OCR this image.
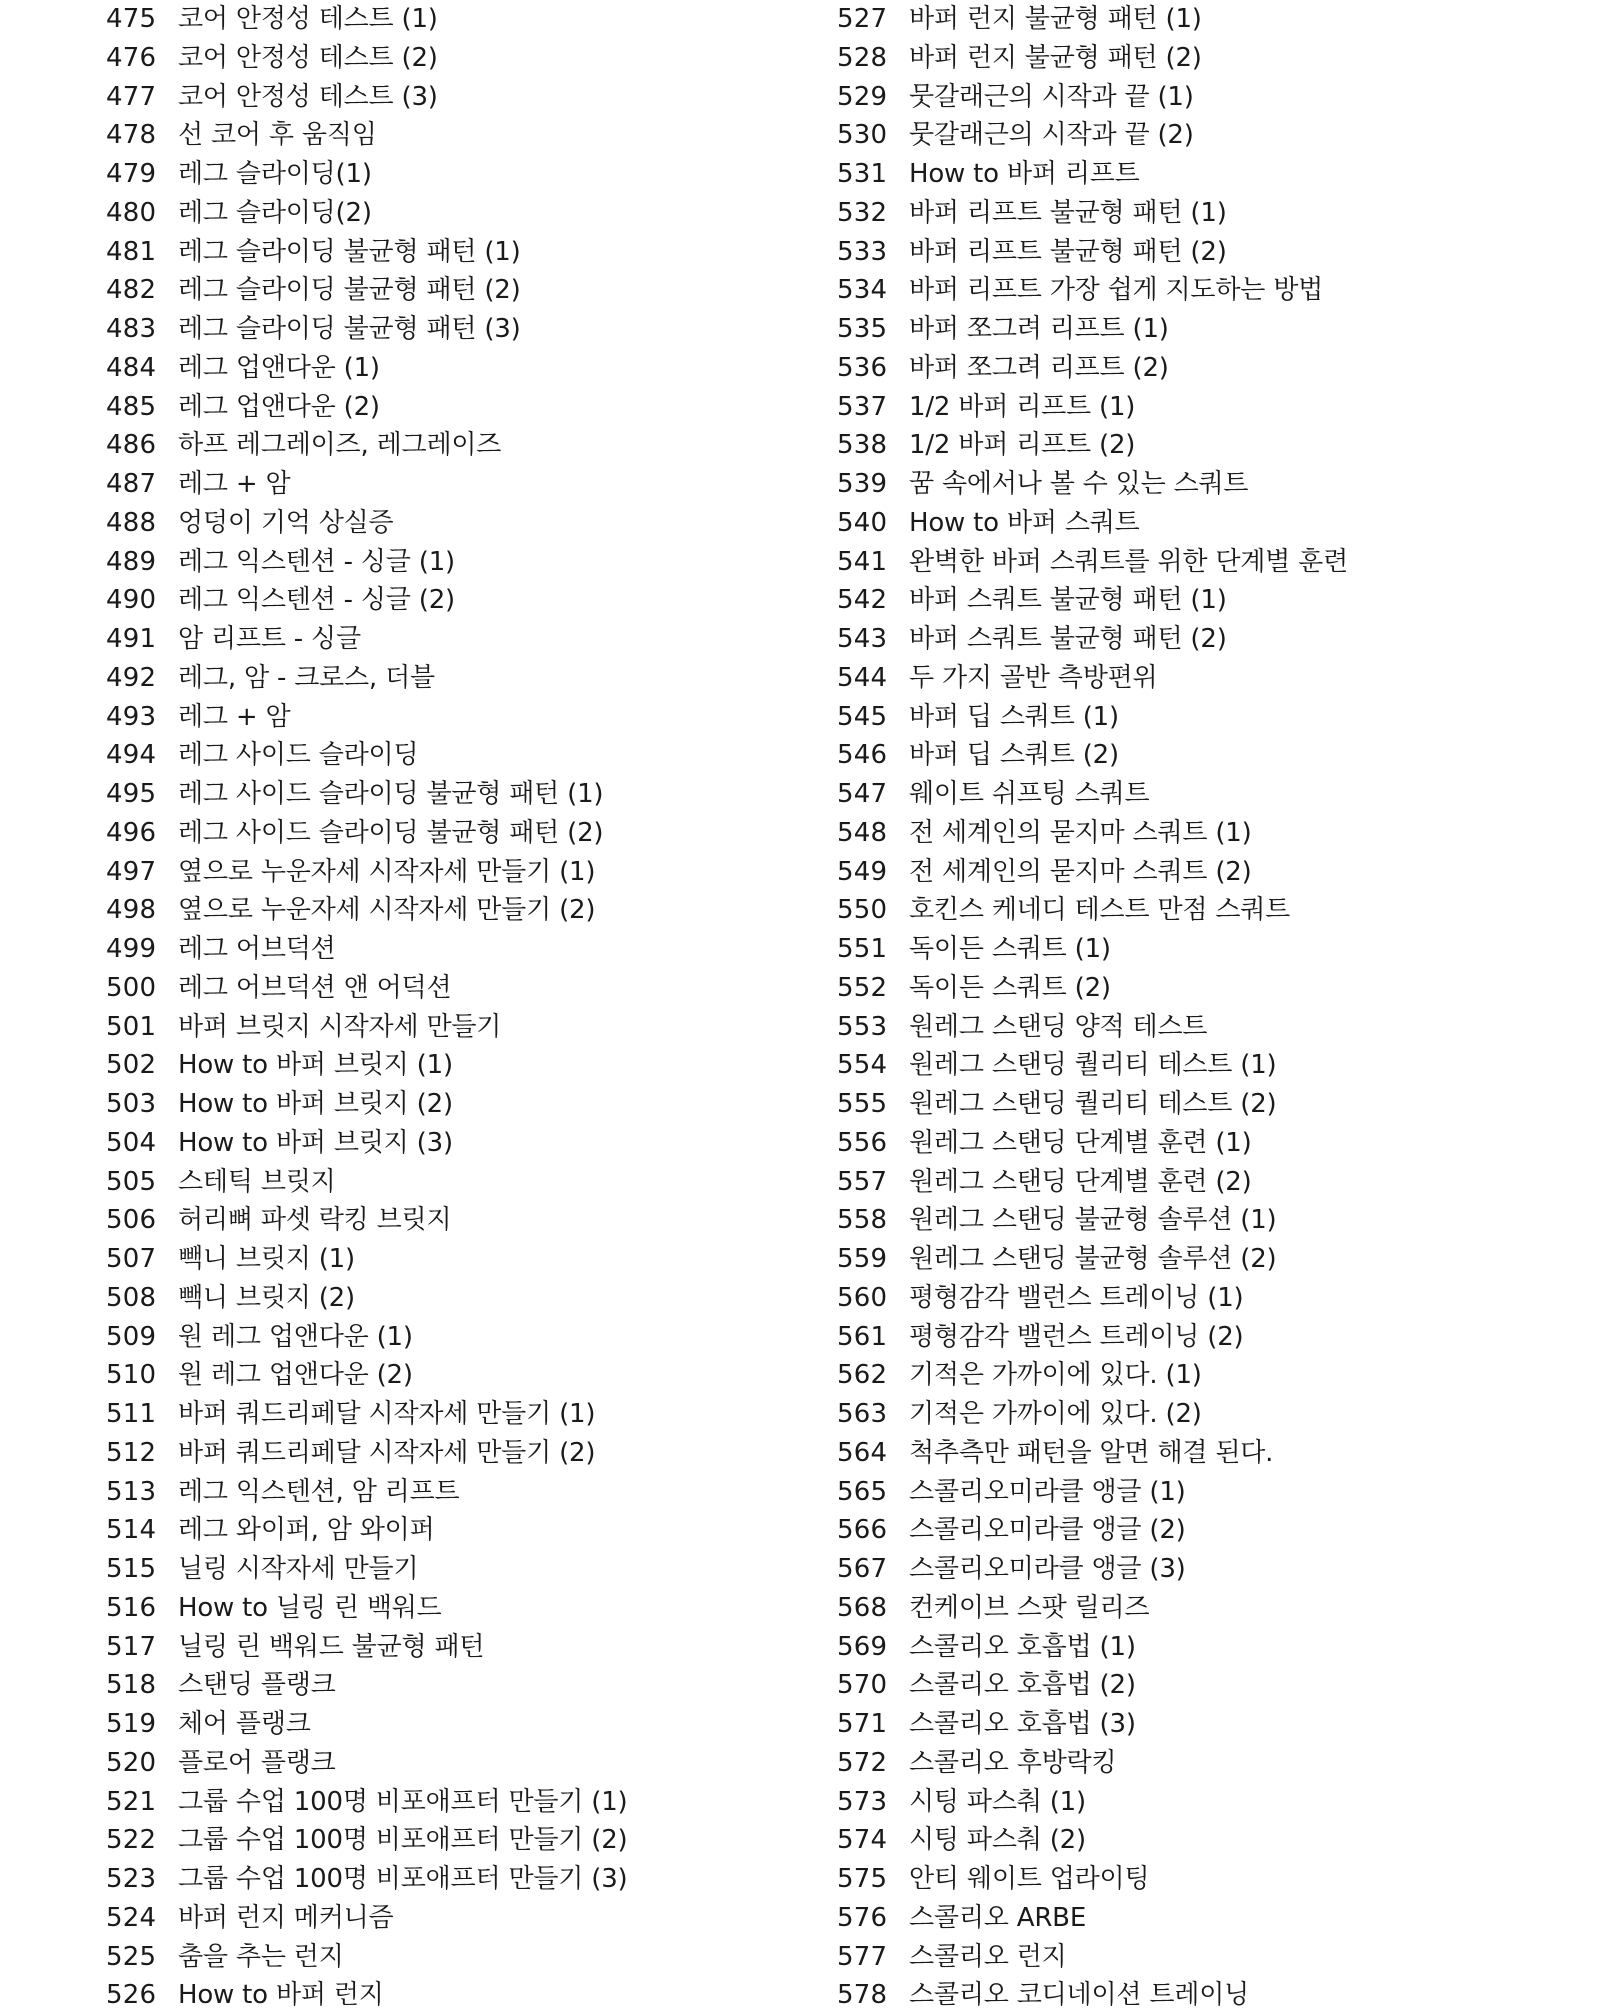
475 코어 안정성 테스트 (1)
476 코어 안정성 테스트 (2)
477 코어 안정성 테스트 (3)
478 선 코어 후 움직임
479 레그 슬라이딩(1)
480 레그 슬라이딩(2)
481 레그 슬라이딩 불균형 패턴 (1)
482 레그 슬라이딩 불균형 패턴 (2)
483 레그 슬라이딩 불균형 패턴 (3)
484 레그 업앤다운 (1)
485 레그 업앤다운 (2)
486 하프 레그레이즈, 레그레이즈
487 레그 + 암
488 엉덩이 기억 상실증
489 레그 익스텐션 - 싱글 (1)
490 레그 익스텐션 - 싱글 (2)
491 암 리프트 - 싱글
492 레그, 암 - 크로스, 더블
493 레그 + 암
494 레그 사이드 슬라이딩
495 레그 사이드 슬라이딩 불균형 패턴 (1)
496 레그 사이드 슬라이딩 불균형 패턴 (2)
497 옆으로 누운자세 시작자세 만들기 (1)
498 옆으로 누운자세 시작자세 만들기 (2)
499 레그 어브덕션
500 레그 어브덕션 앤 어덕션
501 바퍼 브릿지 시작자세 만들기
502 How to 바퍼 브릿지 (1)
503 How to 바퍼 브릿지 (2)
504 How to 바퍼 브릿지 (3)
505 스테틱 브릿지
506 허리뼈 파셋 락킹 브릿지
507 빽니 브릿지 (1)
508 빽니 브릿지 (2)
509 원 레그 업앤다운 (1)
510 원 레그 업앤다운 (2)
511 바퍼 쿼드리페달 시작자세 만들기 (1)
512 바퍼 쿼드리페달 시작자세 만들기 (2)
513 레그 익스텐션, 암 리프트
514 레그 와이퍼, 암 와이퍼
515 닐링 시작자세 만들기
516 How to 닐링 린 백워드
517 닐링 린 백워드 불균형 패턴
518 스탠딩 플랭크
519 체어 플랭크
520 플로어 플랭크
521 그룹 수업 100명 비포애프터 만들기 (1)
522 그룹 수업 100명 비포애프터 만들기 (2)
523 그룹 수업 100명 비포애프터 만들기 (3)
524 바퍼 런지 메커니즘
525 춤을 추는 런지
526 How to 바퍼 런지
527 바퍼 런지 불균형 패턴 (1)
528 바퍼 런지 불균형 패턴 (2)
529 뭇갈래근의 시작과 끝 (1)
530 뭇갈래근의 시작과 끝 (2)
531 How to 바퍼 리프트
532 바퍼 리프트 불균형 패턴 (1)
533 바퍼 리프트 불균형 패턴 (2)
534 바퍼 리프트 가장 쉽게 지도하는 방법
535 바퍼 쪼그려 리프트 (1)
536 바퍼 쪼그려 리프트 (2)
537 1/2 바퍼 리프트 (1)
538 1/2 바퍼 리프트 (2)
539 꿈 속에서나 볼 수 있는 스쿼트
540 How to 바퍼 스쿼트
541 완벽한 바퍼 스쿼트를 위한 단계별 훈련
542 바퍼 스쿼트 불균형 패턴 (1)
543 바퍼 스쿼트 불균형 패턴 (2)
544 두 가지 골반 측방편위
545 바퍼 딥 스쿼트 (1)
546 바퍼 딥 스쿼트 (2)
547 웨이트 쉬프팅 스쿼트
548 전 세계인의 묻지마 스쿼트 (1)
549 전 세계인의 묻지마 스쿼트 (2)
550 호킨스 케네디 테스트 만점 스쿼트
551 독이든 스쿼트 (1)
552 독이든 스쿼트 (2)
553 원레그 스탠딩 양적 테스트
554 원레그 스탠딩 퀄리티 테스트 (1)
555 원레그 스탠딩 퀄리티 테스트 (2)
556 원레그 스탠딩 단계별 훈련 (1)
557 원레그 스탠딩 단계별 훈련 (2)
558 원레그 스탠딩 불균형 솔루션 (1)
559 원레그 스탠딩 불균형 솔루션 (2)
560 평형감각 밸런스 트레이닝 (1)
561 평형감각 밸런스 트레이닝 (2)
562 기적은 가까이에 있다. (1)
563 기적은 가까이에 있다. (2)
564 척추측만 패턴을 알면 해결 된다.
565 스콜리오미라클 앵글 (1)
566 스콜리오미라클 앵글 (2)
567 스콜리오미라클 앵글 (3)
568 컨케이브 스팟 릴리즈
569 스콜리오 호흡법 (1)
570 스콜리오 호흡법 (2)
571 스콜리오 호흡법 (3)
572 스콜리오 후방락킹
573 시팅 파스춰 (1)
574 시팅 파스춰 (2)
575 안티 웨이트 업라이팅
576 스콜리오 ARBE
577 스콜리오 런지
578 스콜리오 코디네이션 트레이닝
